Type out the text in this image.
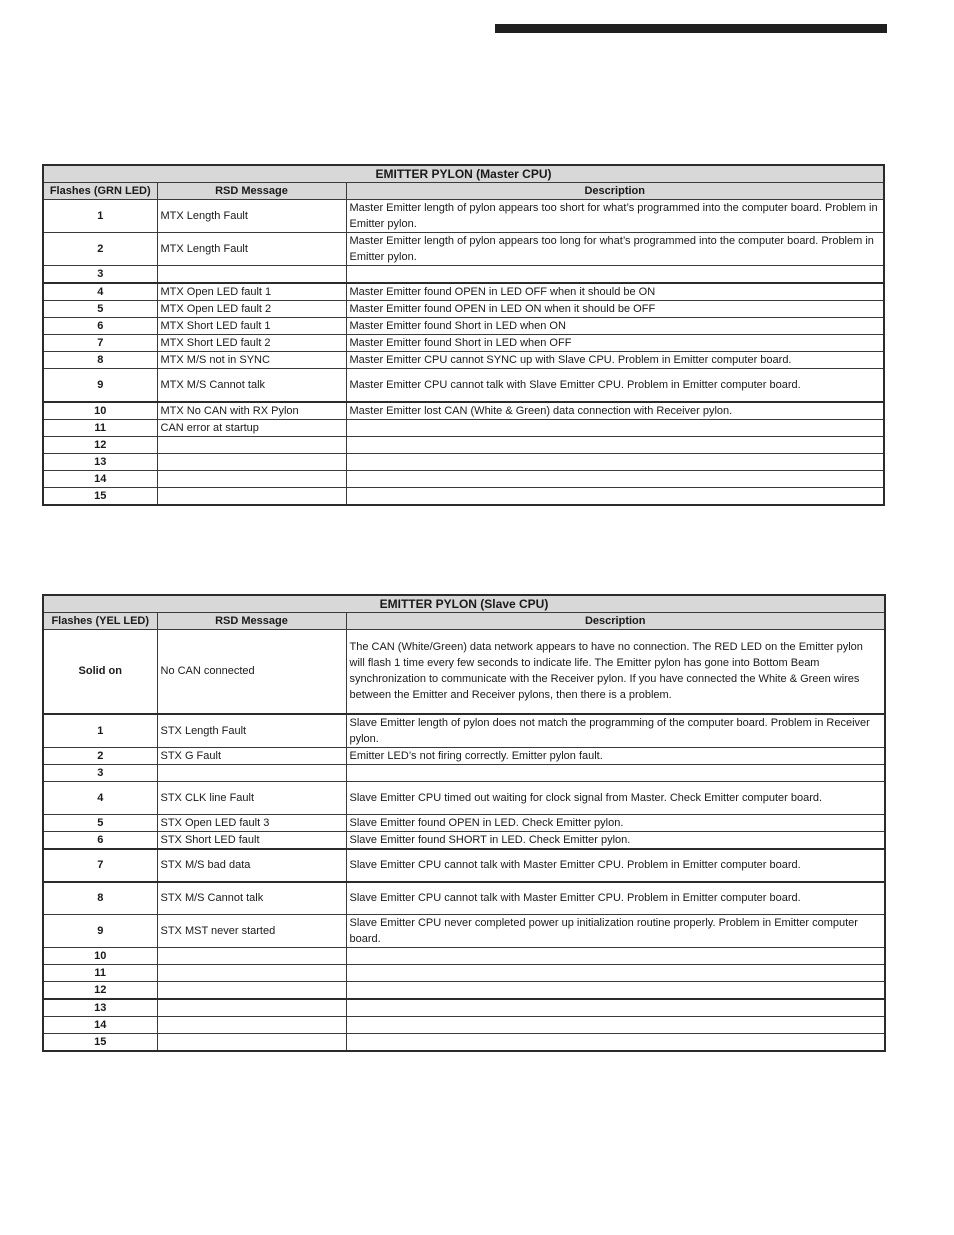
EMITTER PYLON (Master CPU)		
Flashes (GRN LED)	RSD Message	Description
1	MTX Length Fault	Master Emitter length of pylon appears too short for what’s programmed into the computer board. Problem in Emitter pylon.
2	MTX Length Fault	Master Emitter length of pylon appears too long for what’s programmed into the computer board. Problem in Emitter pylon.
3		
4	MTX Open LED fault 1	Master Emitter found OPEN in LED OFF when it should be ON
5	MTX Open LED fault 2	Master Emitter found OPEN in LED ON when it should be OFF
6	MTX Short LED fault 1	Master Emitter found Short in LED when ON
7	MTX Short LED fault 2	Master Emitter found Short in LED when OFF
8	MTX M/S not in SYNC	Master Emitter CPU cannot SYNC up with Slave CPU. Problem in Emitter computer board.
9	MTX M/S Cannot talk	Master Emitter CPU cannot talk with Slave Emitter CPU. Problem in Emitter computer board.
10	MTX No CAN with RX Pylon	Master Emitter lost CAN (White & Green) data connection with Receiver pylon.
11	CAN error at startup	
12		
13		
14		
15		
EMITTER PYLON (Slave CPU)		
Flashes (YEL LED)	RSD Message	Description
Solid on	No CAN connected	The CAN (White/Green) data network appears to have no connection. The RED LED on the Emitter pylon will flash 1 time every few seconds to indicate life. The Emitter pylon has gone into Bottom Beam synchronization to communicate with the Receiver pylon. If you have connected the White & Green wires between the Emitter and Receiver pylons, then there is a problem.
1	STX Length Fault	Slave Emitter length of pylon does not match the programming of the computer board. Problem in Receiver pylon.
2	STX G Fault	Emitter LED’s not firing correctly. Emitter pylon fault.
3		
4	STX CLK line Fault	Slave Emitter CPU timed out waiting for clock signal from Master. Check Emitter computer board.
5	STX Open LED fault 3	Slave Emitter found OPEN in LED. Check Emitter pylon.
6	STX Short LED fault	Slave Emitter found SHORT in LED. Check Emitter pylon.
7	STX M/S bad data	Slave Emitter CPU cannot talk with Master Emitter CPU. Problem in Emitter computer board.
8	STX M/S Cannot talk	Slave Emitter CPU cannot talk with Master Emitter CPU. Problem in Emitter computer board.
9	STX MST never started	Slave Emitter CPU never completed power up initialization routine properly. Problem in Emitter computer board.
10		
11		
12		
13		
14		
15		
